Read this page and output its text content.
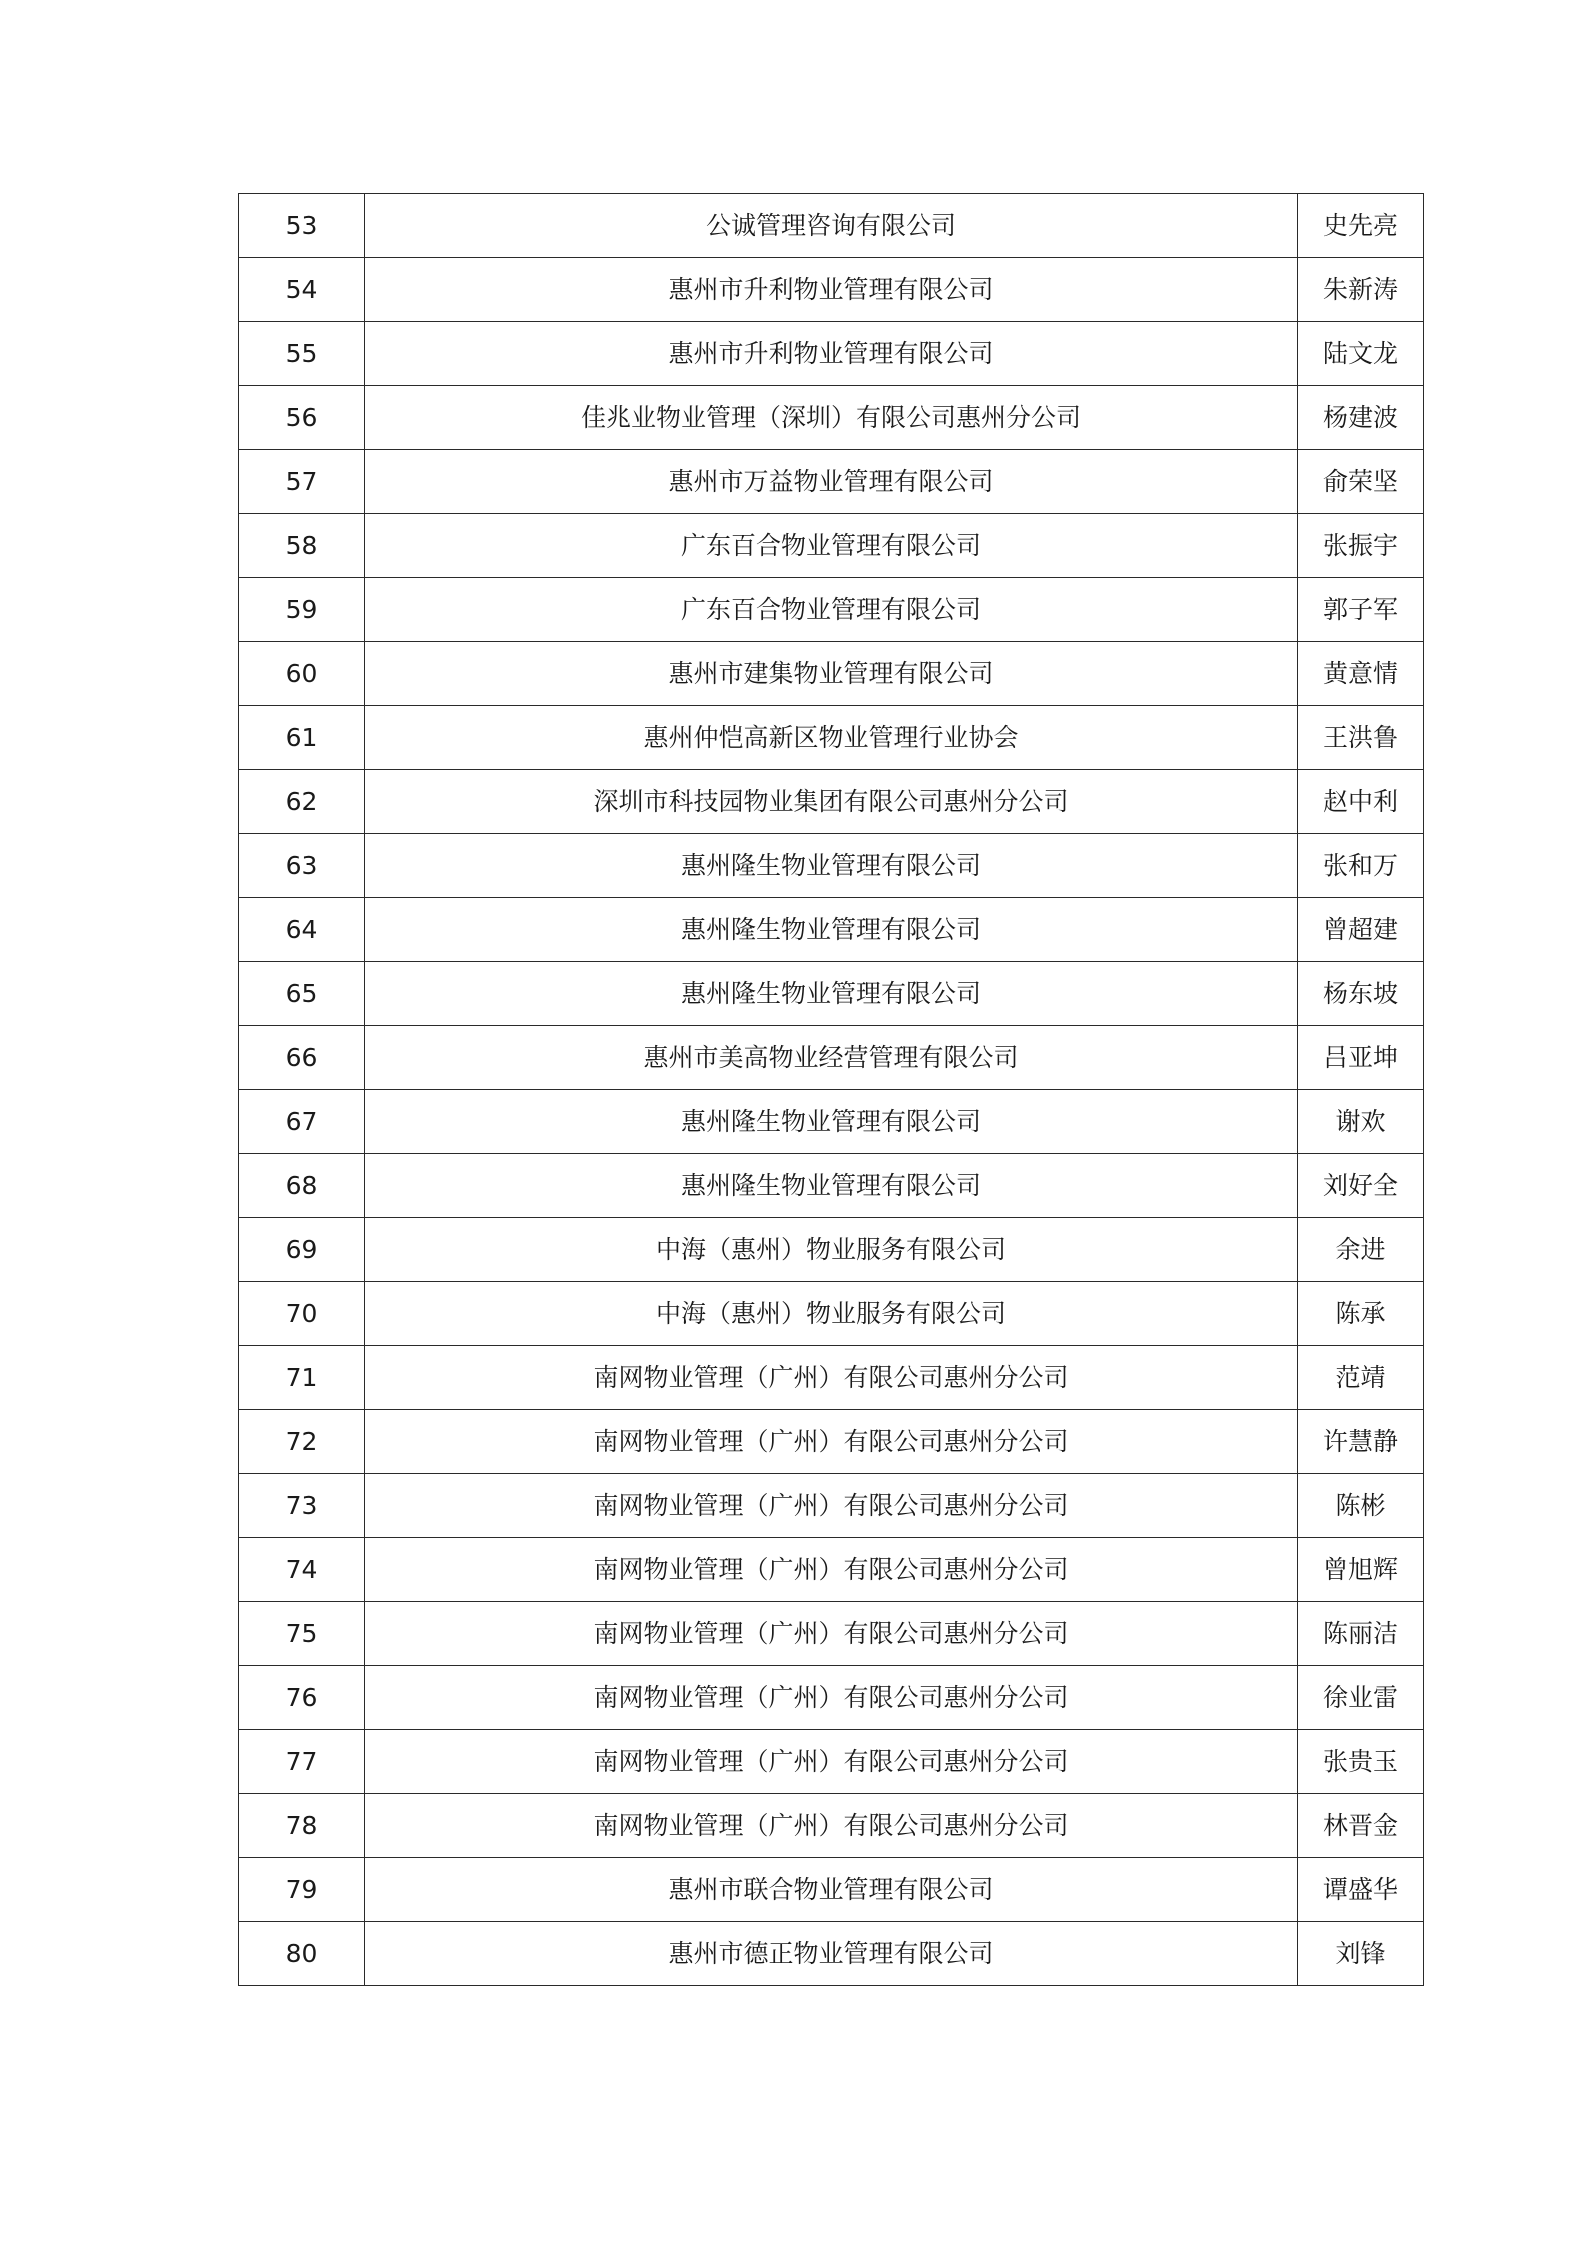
53	公诚管理咨询有限公司	史先亮
54	惠州市升利物业管理有限公司	朱新涛
55	惠州市升利物业管理有限公司	陆文龙
56	佳兆业物业管理（深圳）有限公司惠州分公司	杨建波
57	惠州市万益物业管理有限公司	俞荣坚
58	广东百合物业管理有限公司	张振宇
59	广东百合物业管理有限公司	郭子军
60	惠州市建集物业管理有限公司	黄意情
61	惠州仲恺高新区物业管理行业协会	王洪鲁
62	深圳市科技园物业集团有限公司惠州分公司	赵中利
63	惠州隆生物业管理有限公司	张和万
64	惠州隆生物业管理有限公司	曾超建
65	惠州隆生物业管理有限公司	杨东坡
66	惠州市美高物业经营管理有限公司	吕亚坤
67	惠州隆生物业管理有限公司	谢欢
68	惠州隆生物业管理有限公司	刘好全
69	中海（惠州）物业服务有限公司	余进
70	中海（惠州）物业服务有限公司	陈承
71	南网物业管理（广州）有限公司惠州分公司	范靖
72	南网物业管理（广州）有限公司惠州分公司	许慧静
73	南网物业管理（广州）有限公司惠州分公司	陈彬
74	南网物业管理（广州）有限公司惠州分公司	曾旭辉
75	南网物业管理（广州）有限公司惠州分公司	陈丽洁
76	南网物业管理（广州）有限公司惠州分公司	徐业雷
77	南网物业管理（广州）有限公司惠州分公司	张贵玉
78	南网物业管理（广州）有限公司惠州分公司	林晋金
79	惠州市联合物业管理有限公司	谭盛华
80	惠州市德正物业管理有限公司	刘锋
